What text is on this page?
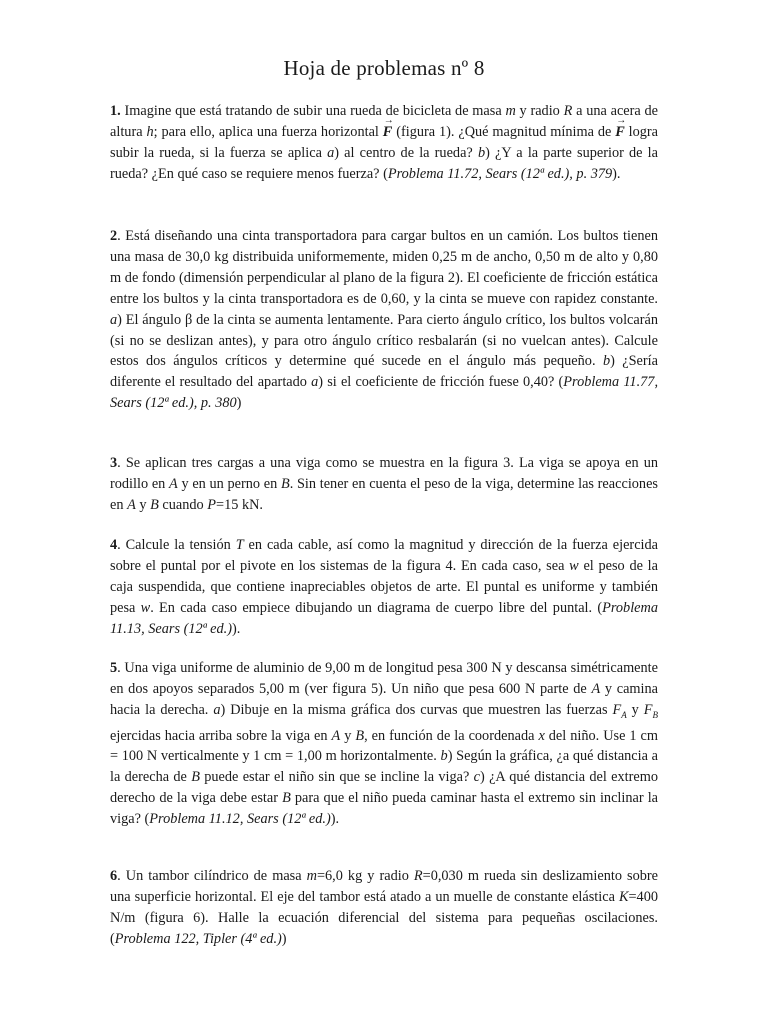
Hoja de problemas nº 8
1. Imagine que está tratando de subir una rueda de bicicleta de masa m y radio R a una acera de altura h; para ello, aplica una fuerza horizontal → F (figura 1). ¿Qué magnitud mínima de → F logra subir la rueda, si la fuerza se aplica a) al centro de la rueda? b) ¿Y a la parte superior de la rueda? ¿En qué caso se requiere menos fuerza? (Problema 11.72, Sears (12ª ed.), p. 379).
2. Está diseñando una cinta transportadora para cargar bultos en un camión. Los bultos tienen una masa de 30,0 kg distribuida uniformemente, miden 0,25 m de ancho, 0,50 m de alto y 0,80 m de fondo (dimensión perpendicular al plano de la figura 2). El coeficiente de fricción estática entre los bultos y la cinta transportadora es de 0,60, y la cinta se mueve con rapidez constante. a) El ángulo β de la cinta se aumenta lentamente. Para cierto ángulo crítico, los bultos volcarán (si no se deslizan antes), y para otro ángulo crítico resbalarán (si no vuelcan antes). Calcule estos dos ángulos críticos y determine qué sucede en el ángulo más pequeño. b) ¿Sería diferente el resultado del apartado a) si el coeficiente de fricción fuese 0,40? (Problema 11.77, Sears (12ª ed.), p. 380)
3. Se aplican tres cargas a una viga como se muestra en la figura 3. La viga se apoya en un rodillo en A y en un perno en B. Sin tener en cuenta el peso de la viga, determine las reacciones en A y B cuando P=15 kN.
4. Calcule la tensión T en cada cable, así como la magnitud y dirección de la fuerza ejercida sobre el puntal por el pivote en los sistemas de la figura 4. En cada caso, sea w el peso de la caja suspendida, que contiene inapreciables objetos de arte. El puntal es uniforme y también pesa w. En cada caso empiece dibujando un diagrama de cuerpo libre del puntal. (Problema 11.13, Sears (12ª ed.)).
5. Una viga uniforme de aluminio de 9,00 m de longitud pesa 300 N y descansa simétricamente en dos apoyos separados 5,00 m (ver figura 5). Un niño que pesa 600 N parte de A y camina hacia la derecha. a) Dibuje en la misma gráfica dos curvas que muestren las fuerzas $F_A$ y $F_B$ ejercidas hacia arriba sobre la viga en A y B, en función de la coordenada x del niño. Use 1 cm = 100 N verticalmente y 1 cm = 1,00 m horizontalmente. b) Según la gráfica, ¿a qué distancia a la derecha de B puede estar el niño sin que se incline la viga? c) ¿A qué distancia del extremo derecho de la viga debe estar B para que el niño pueda caminar hasta el extremo sin inclinar la viga? (Problema 11.12, Sears (12ª ed.)).
6. Un tambor cilíndrico de masa m=6,0 kg y radio R=0,030 m rueda sin deslizamiento sobre una superficie horizontal. El eje del tambor está atado a un muelle de constante elástica K=400 N/m (figura 6). Halle la ecuación diferencial del sistema para pequeñas oscilaciones. (Problema 122, Tipler (4ª ed.))
